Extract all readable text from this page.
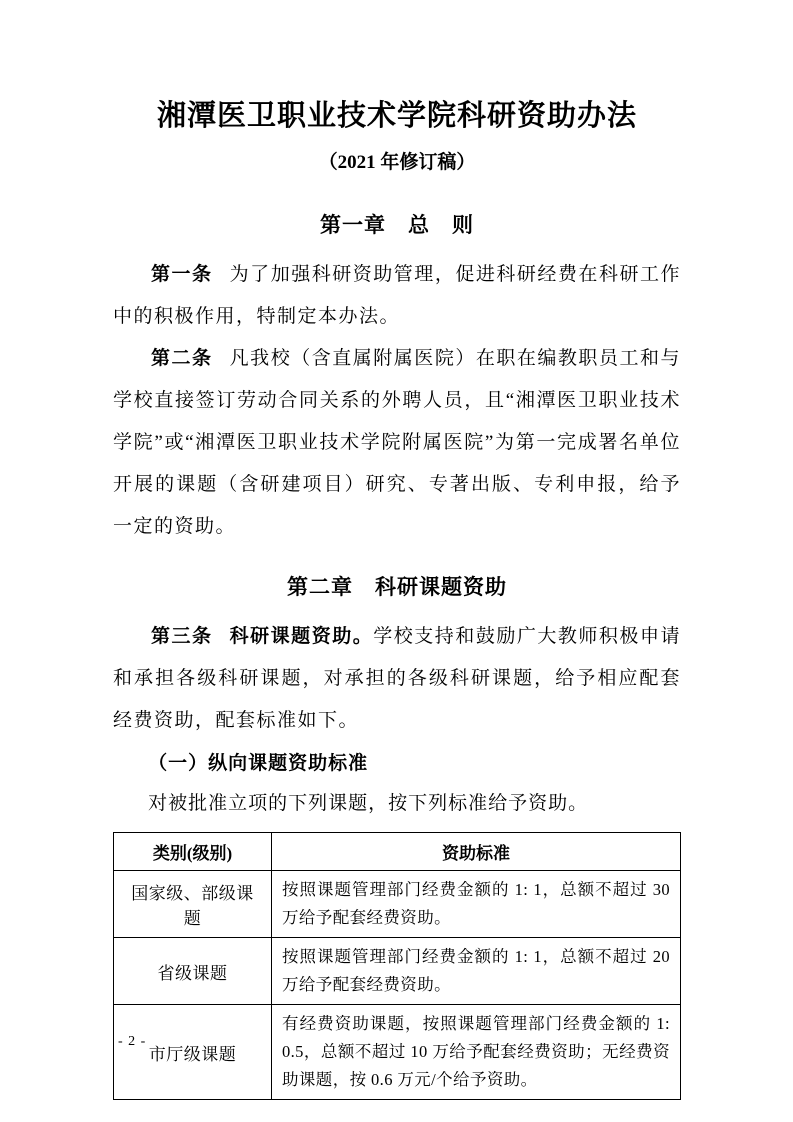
湘潭医卫职业技术学院科研资助办法
（2021 年修订稿）
第一章　总　则

第一条 为了加强科研资助管理，促进科研经费在科研工作中的积极作用，特制定本办法。

第二条 凡我校（含直属附属医院）在职在编教职员工和与学校直接签订劳动合同关系的外聘人员，且“湘潭医卫职业技术学院”或“湘潭医卫职业技术学院附属医院”为第一完成署名单位开展的课题（含研建项目）研究、专著出版、专利申报，给予一定的资助。

第二章　科研课题资助

第三条 科研课题资助。学校支持和鼓励广大教师积极申请和承担各级科研课题，对承担的各级科研课题，给予相应配套经费资助，配套标准如下。

（一）纵向课题资助标准

对被批准立项的下列课题，按下列标准给予资助。

类别(级别)	资助标准
国家级、部级课题	按照课题管理部门经费金额的 1: 1，总额不超过 30 万给予配套经费资助。
省级课题	按照课题管理部门经费金额的 1: 1，总额不超过 20 万给予配套经费资助。
市厅级课题	有经费资助课题，按照课题管理部门经费金额的 1: 0.5，总额不超过 10 万给予配套经费资助；无经费资助课题，按 0.6 万元/个给予资助。
- 2 -
